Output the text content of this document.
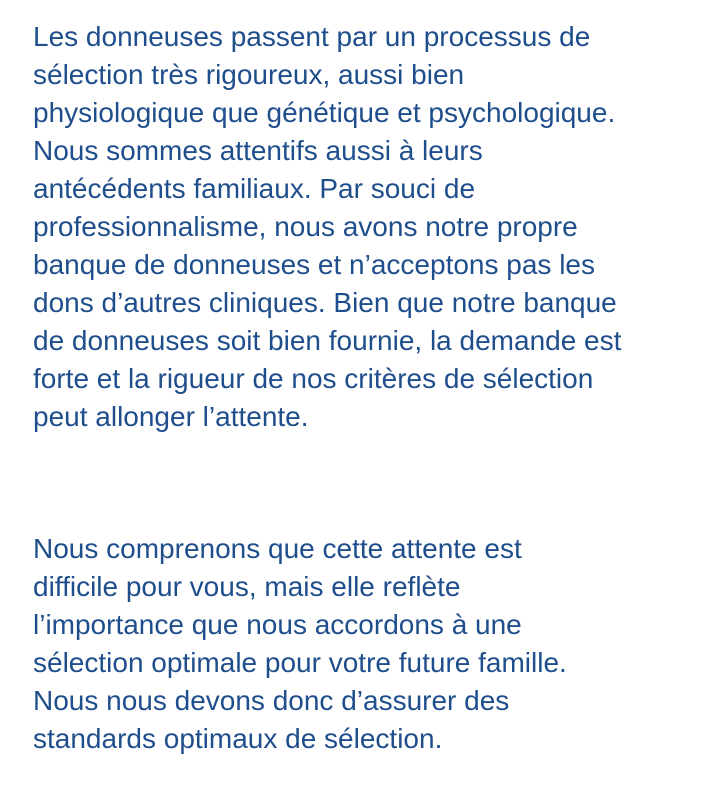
Les donneuses passent par un processus de
sélection très rigoureux, aussi bien
physiologique que génétique et psychologique.
Nous sommes attentifs aussi à leurs
antécédents familiaux. Par souci de
professionnalisme, nous avons notre propre
banque de donneuses et n’acceptons pas les
dons d’autres cliniques. Bien que notre banque
de donneuses soit bien fournie, la demande est
forte et la rigueur de nos critères de sélection
peut allonger l’attente.

Nous comprenons que cette attente est
difficile pour vous, mais elle reflète
l’importance que nous accordons à une
sélection optimale pour votre future famille.
Nous nous devons donc d’assurer des
standards optimaux de sélection.
